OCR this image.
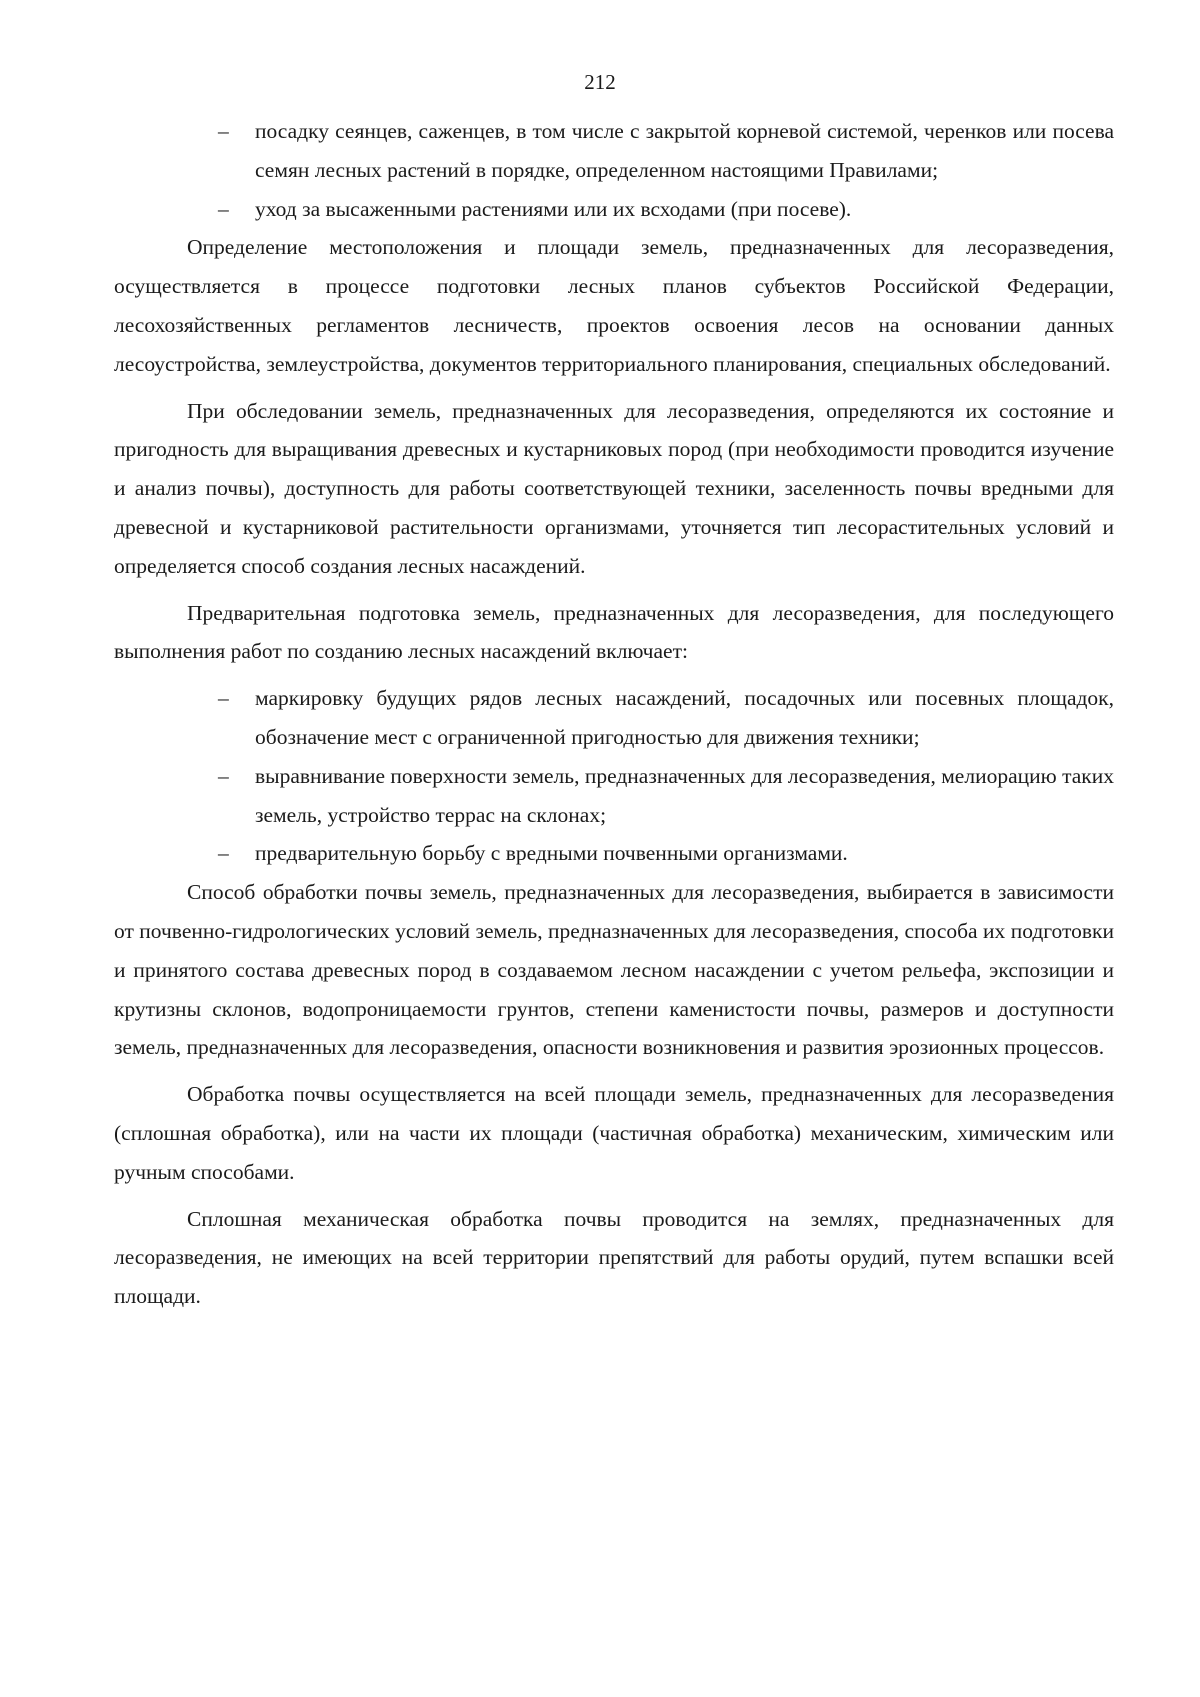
212
–	посадку сеянцев, саженцев, в том числе с закрытой корневой системой, черенков или посева семян лесных растений в порядке, определенном настоящими Правилами;
–	уход за высаженными растениями или их всходами (при посеве).

Определение местоположения и площади земель, предназначенных для лесоразведения, осуществляется в процессе подготовки лесных планов субъектов Российской Федерации, лесохозяйственных регламентов лесничеств, проектов освоения лесов на основании данных лесоустройства, землеустройства, документов территориального планирования, специальных обследований.

При обследовании земель, предназначенных для лесоразведения, определяются их состояние и пригодность для выращивания древесных и кустарниковых пород (при необходимости проводится изучение и анализ почвы), доступность для работы соответствующей техники, заселенность почвы вредными для древесной и кустарниковой растительности организмами, уточняется тип лесорастительных условий и определяется способ создания лесных насаждений.

Предварительная подготовка земель, предназначенных для лесоразведения, для последующего выполнения работ по созданию лесных насаждений включает:

–	маркировку будущих рядов лесных насаждений, посадочных или посевных площадок, обозначение мест с ограниченной пригодностью для движения техники;
–	выравнивание поверхности земель, предназначенных для лесоразведения, мелиорацию таких земель, устройство террас на склонах;
–	предварительную борьбу с вредными почвенными организмами.

Способ обработки почвы земель, предназначенных для лесоразведения, выбирается в зависимости от почвенно-гидрологических условий земель, предназначенных для лесоразведения, способа их подготовки и принятого состава древесных пород в создаваемом лесном насаждении с учетом рельефа, экспозиции и крутизны склонов, водопроницаемости грунтов, степени каменистости почвы, размеров и доступности земель, предназначенных для лесоразведения, опасности возникновения и развития эрозионных процессов.

Обработка почвы осуществляется на всей площади земель, предназначенных для лесоразведения (сплошная обработка), или на части их площади (частичная обработка) механическим, химическим или ручным способами.

Сплошная механическая обработка почвы проводится на землях, предназначенных для лесоразведения, не имеющих на всей территории препятствий для работы орудий, путем вспашки всей площади.
